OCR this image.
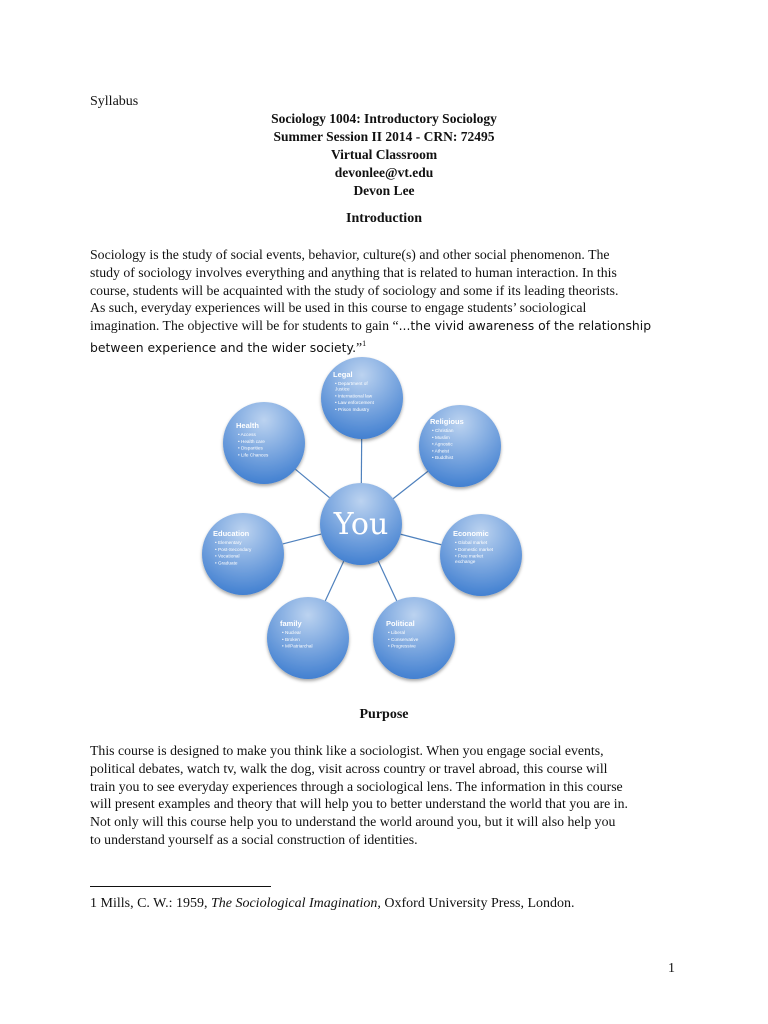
Syllabus
Sociology 1004: Introductory Sociology
Summer Session II 2014 - CRN: 72495
Virtual Classroom
devonlee@vt.edu
Devon Lee
Introduction
Sociology is the study of social events, behavior, culture(s) and other social phenomenon. The
study of sociology involves everything and anything that is related to human interaction. In this
course, students will be acquainted with the study of sociology and some if its leading theorists.
As such, everyday experiences will be used in this course to engage students’ sociological
imagination. The objective will be for students to gain “...the vivid awareness of the relationship
between experience and the wider society.”$^1$
Legal
• Department of
Justice
• International law
• Law enforcement
• Prison Industry
Religious
• Christian
• Muslim
• Agnostic
• Atheist
• Buddhist
Economic
• Global market
• Domestic market
• Free market
exchange
Political
• Liberal
• Conservative
• Progressive
family
• Nuclear
• Broken
• M/Patriarchal
Education
• Elementary
• Post-Secondary
• Vocational
• Graduate
Health
• Access
• Health care
• Disparities
• Life Chances
You
Purpose
This course is designed to make you think like a sociologist. When you engage social events,
political debates, watch tv, walk the dog, visit across country or travel abroad, this course will
train you to see everyday experiences through a sociological lens. The information in this course
will present examples and theory that will help you to better understand the world that you are in.
Not only will this course help you to understand the world around you, but it will also help you
to understand yourself as a social construction of identities.
1 Mills, C. W.: 1959, The Sociological Imagination, Oxford University Press, London.
1
